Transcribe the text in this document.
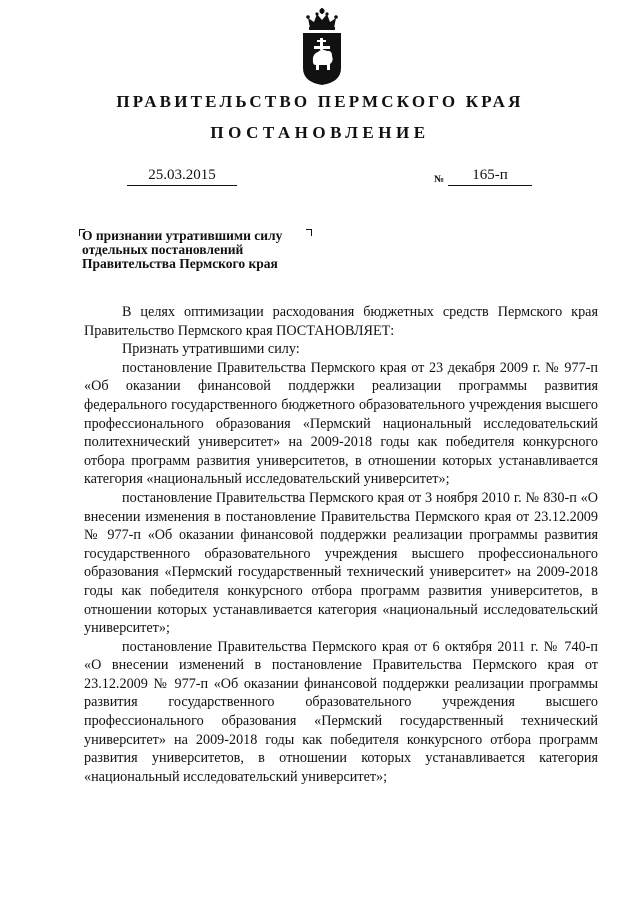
ПРАВИТЕЛЬСТВО ПЕРМСКОГО КРАЯ
ПОСТАНОВЛЕНИЕ
25.03.2015	№	165-п
О признании утратившими силу
отдельных постановлений
Правительства Пермского края

В целях оптимизации расходования бюджетных средств Пермского края Правительство Пермского края ПОСТАНОВЛЯЕТ:

Признать утратившими силу:

постановление Правительства Пермского края от 23 декабря 2009 г. № 977-п «Об оказании финансовой поддержки реализации программы развития федерального государственного бюджетного образовательного учреждения высшего профессионального образования «Пермский национальный исследовательский политехнический университет» на 2009-2018 годы как победителя конкурсного отбора программ развития университетов, в отношении которых устанавливается категория «национальный исследовательский университет»;

постановление Правительства Пермского края от 3 ноября 2010 г. № 830-п «О внесении изменения в постановление Правительства Пермского края от 23.12.2009 № 977-п «Об оказании финансовой поддержки реализации программы развития государственного образовательного учреждения высшего профессионального образования «Пермский государственный технический университет» на 2009-2018 годы как победителя конкурсного отбора программ развития университетов, в отношении которых устанавливается категория «национальный исследовательский университет»;

постановление Правительства Пермского края от 6 октября 2011 г. № 740-п «О внесении изменений в постановление Правительства Пермского края от 23.12.2009 № 977-п «Об оказании финансовой поддержки реализации программы развития государственного образовательного учреждения высшего профессионального образования «Пермский государственный технический университет» на 2009-2018 годы как победителя конкурсного отбора программ развития университетов, в отношении которых устанавливается категория «национальный исследовательский университет»;
